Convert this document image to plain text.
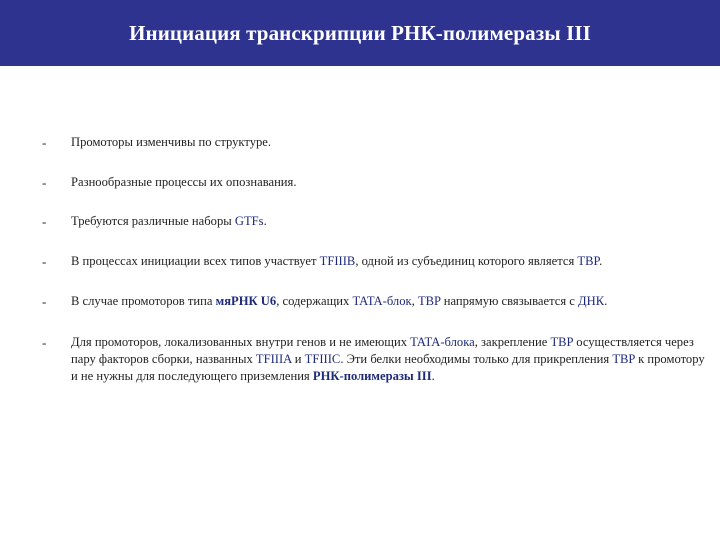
Инициация транскрипции РНК-полимеразы III
- Промоторы изменчивы по структуре.
- Разнообразные процессы их опознавания.
- Требуются различные наборы GTFs.
- В процессах инициации всех типов участвует TFIIIB, одной из субъединиц которого является TBP.
- В случае промоторов типа мяРНК U6, содержащих TATA-блок, TBP напрямую связывается с ДНК.
- Для промоторов, локализованных внутри генов и не имеющих TATA-блока, закрепление TBP осуществляется через пару факторов сборки, названных TFIIIA и TFIIIC. Эти белки необходимы только для прикрепления TBP к промотору и не нужны для последующего приземления РНК-полимеразы III.
